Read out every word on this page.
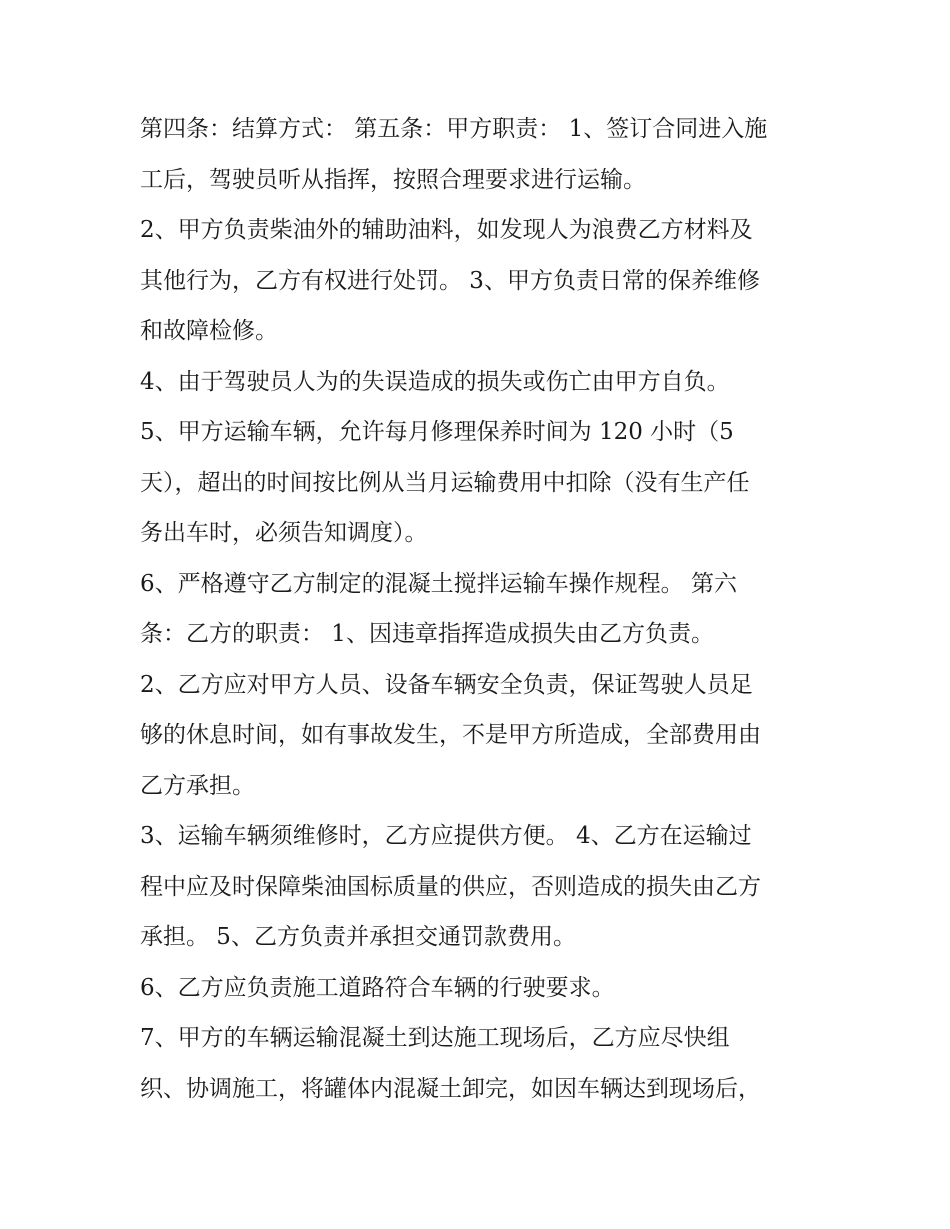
第四条：结算方式： 第五条：甲方职责： 1、签订合同进入施
工后，驾驶员听从指挥，按照合理要求进行运输。
2、甲方负责柴油外的辅助油料，如发现人为浪费乙方材料及
其他行为，乙方有权进行处罚。 3、甲方负责日常的保养维修
和故障检修。
4、由于驾驶员人为的失误造成的损失或伤亡由甲方自负。
5、甲方运输车辆，允许每月修理保养时间为 120 小时（5
天），超出的时间按比例从当月运输费用中扣除（没有生产任
务出车时，必须告知调度）。
6、严格遵守乙方制定的混凝土搅拌运输车操作规程。 第六
条：乙方的职责： 1、因违章指挥造成损失由乙方负责。
2、乙方应对甲方人员、设备车辆安全负责，保证驾驶人员足
够的休息时间，如有事故发生，不是甲方所造成，全部费用由
乙方承担。
3、运输车辆须维修时，乙方应提供方便。 4、乙方在运输过
程中应及时保障柴油国标质量的供应，否则造成的损失由乙方
承担。 5、乙方负责并承担交通罚款费用。
6、乙方应负责施工道路符合车辆的行驶要求。
7、甲方的车辆运输混凝土到达施工现场后，乙方应尽快组
织、协调施工，将罐体内混凝土卸完，如因车辆达到现场后，
